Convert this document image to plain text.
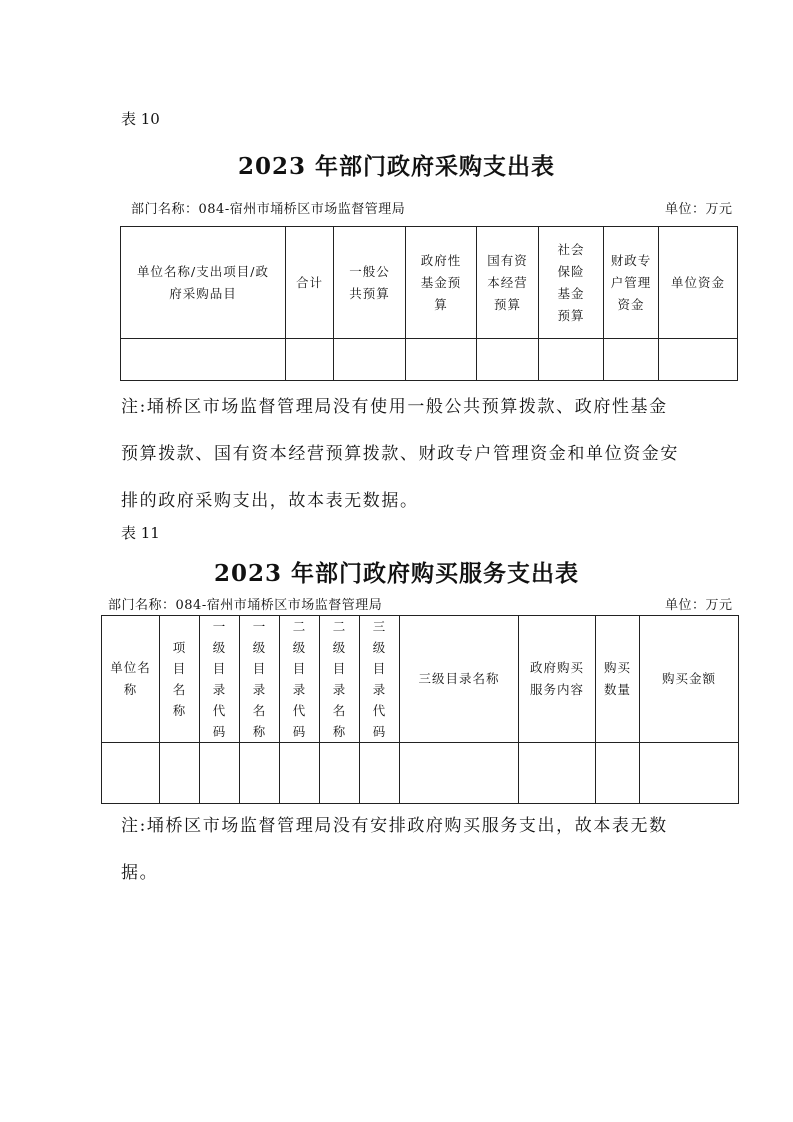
表 10
2023 年部门政府采购支出表
部门名称：084-宿州市埇桥区市场监督管理局	单位：万元
单位名称/支出项目/政府采购品目	合计	一般公共预算	政府性基金预算	国有资本经营预算	社会保险基金预算	财政专户管理资金	单位资金

注:埇桥区市场监督管理局没有使用一般公共预算拨款、政府性基金
预算拨款、国有资本经营预算拨款、财政专户管理资金和单位资金安
排的政府采购支出，故本表无数据。
表 11
2023 年部门政府购买服务支出表
部门名称：084-宿州市埇桥区市场监督管理局	单位：万元
单位名称	项目名称	一级目录代码	一级目录名称	二级目录代码	二级目录名称	三级目录代码	三级目录名称	政府购买服务内容	购买数量	购买金额

注:埇桥区市场监督管理局没有安排政府购买服务支出，故本表无数
据。
